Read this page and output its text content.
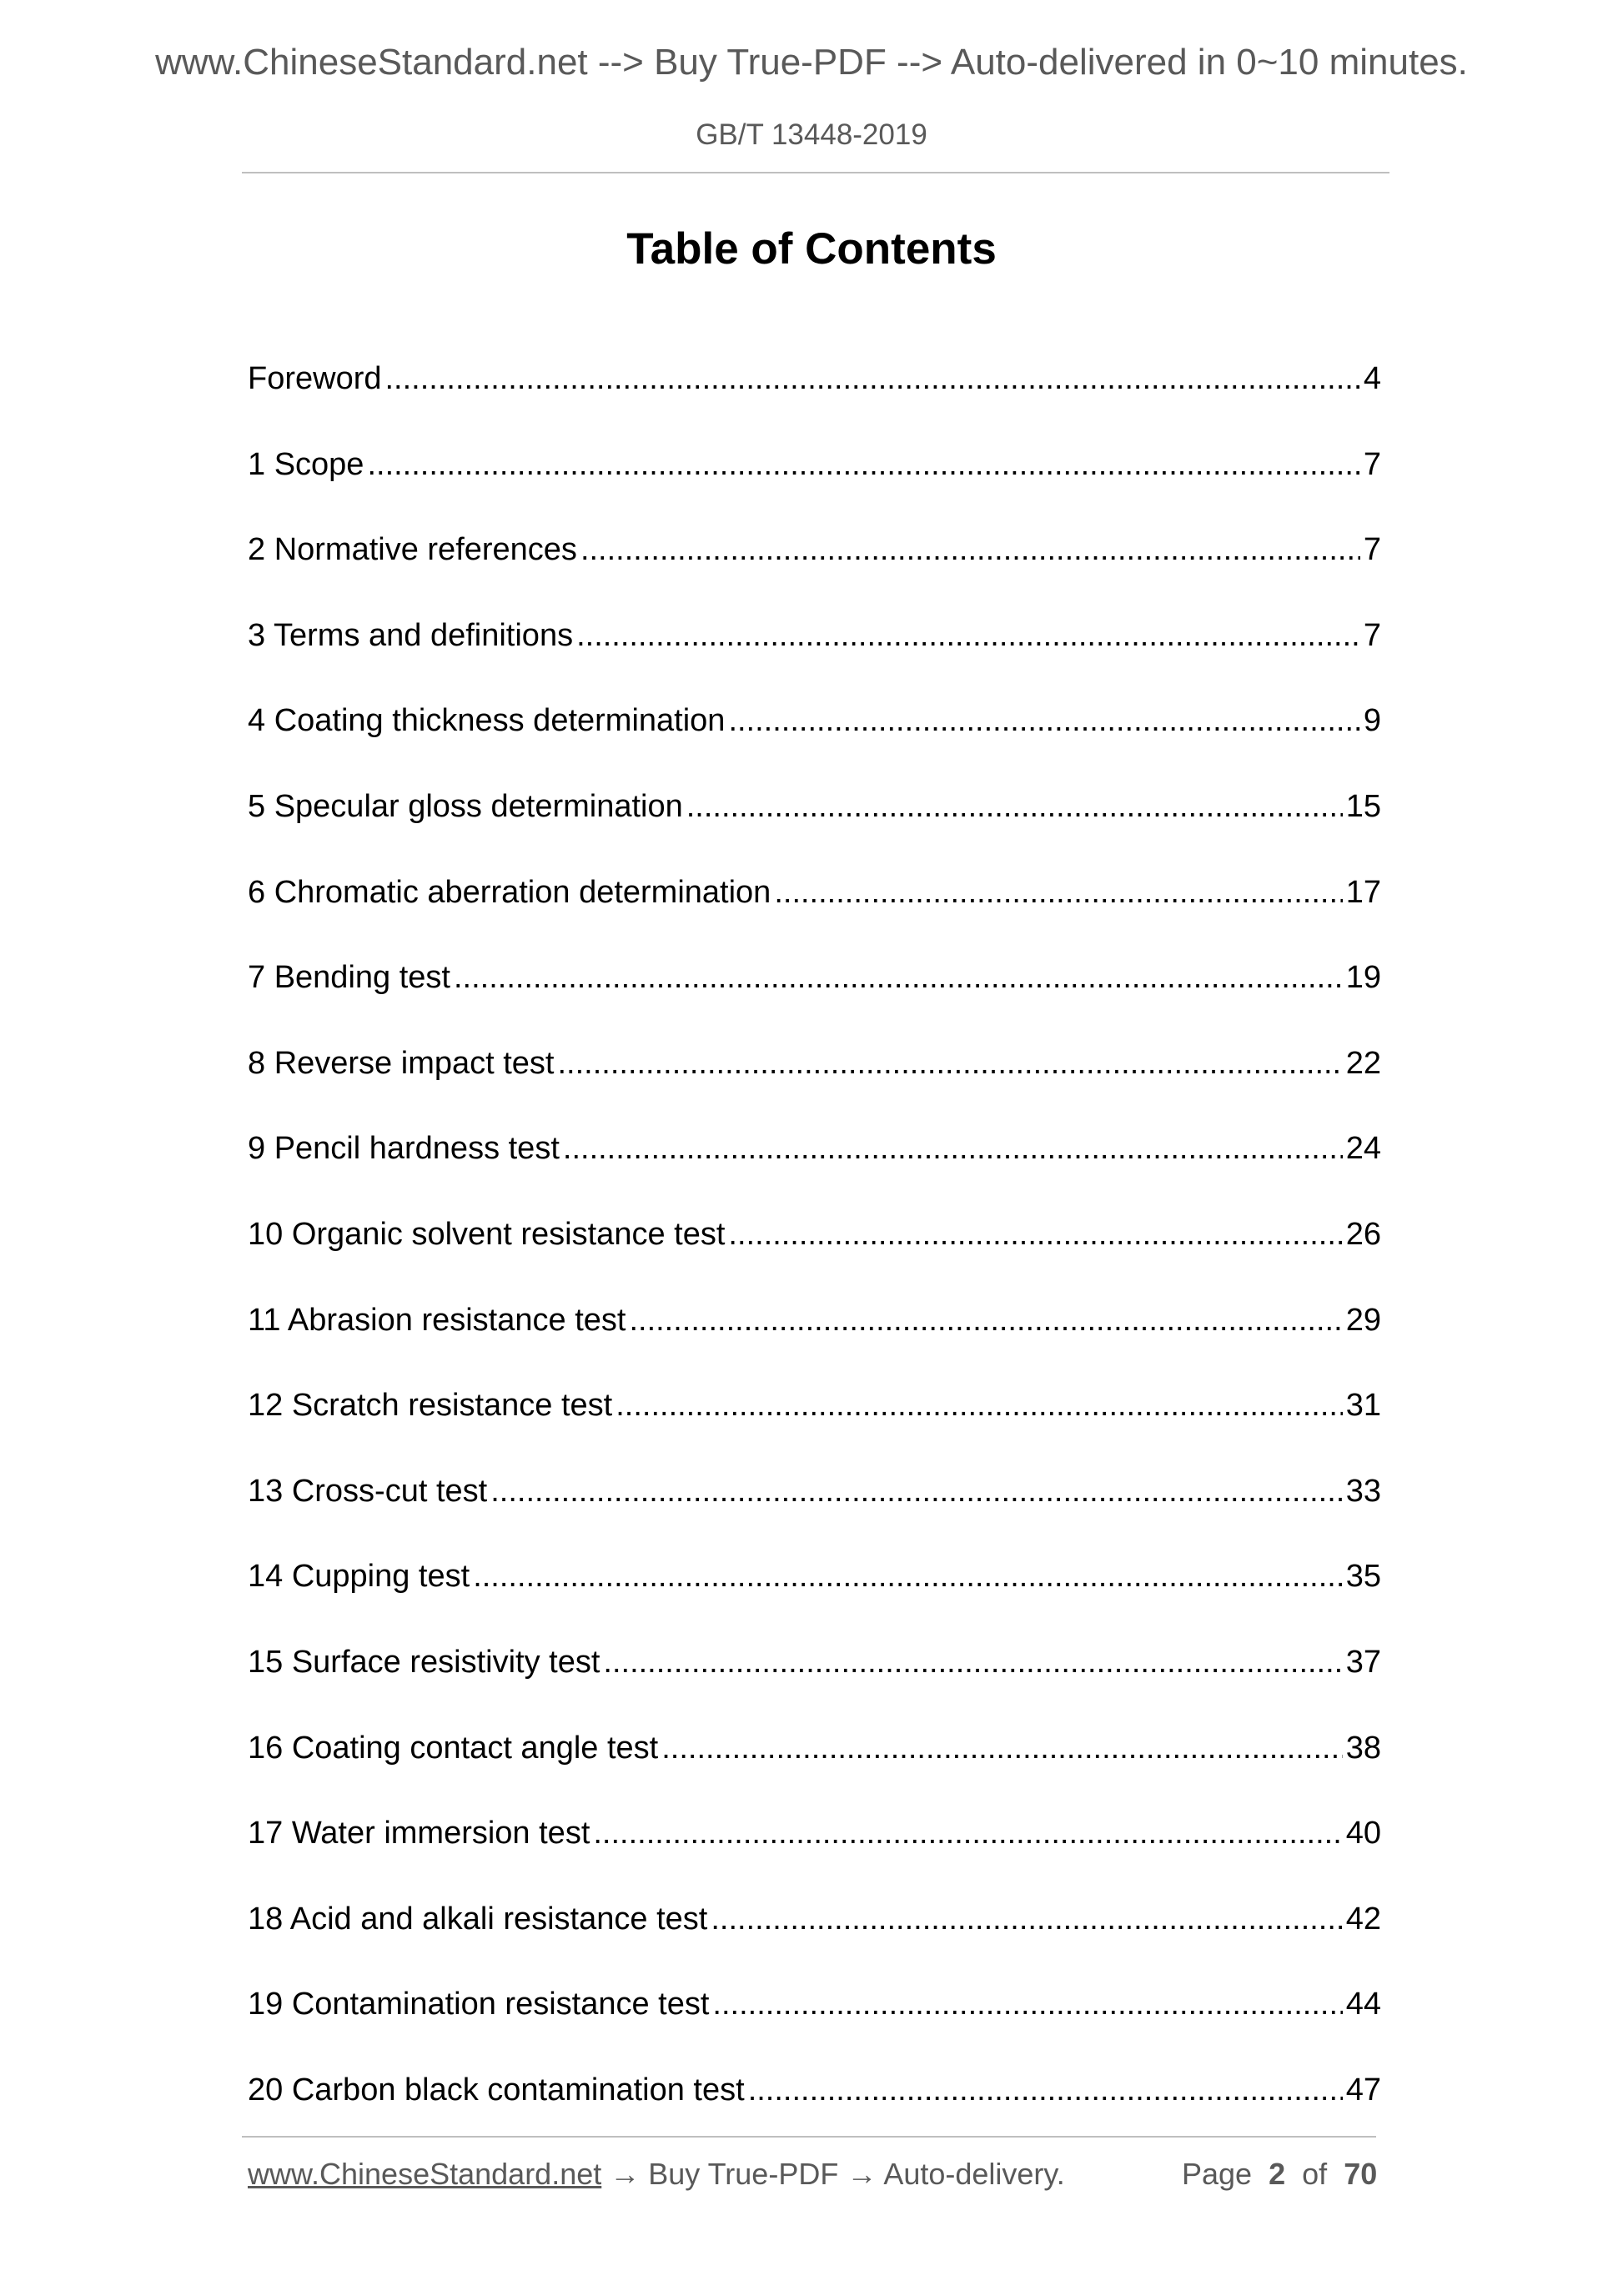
www.ChineseStandard.net --> Buy True-PDF --> Auto-delivered in 0~10 minutes.
GB/T 13448-2019
Table of Contents
Foreword .....	4
1 Scope .....	7
2 Normative references .....	7
3 Terms and definitions .....	7
4 Coating thickness determination .....	9
5 Specular gloss determination .....	15
6 Chromatic aberration determination .....	17
7 Bending test .....	19
8 Reverse impact test .....	22
9 Pencil hardness test .....	24
10 Organic solvent resistance test .....	26
11 Abrasion resistance test .....	29
12 Scratch resistance test .....	31
13 Cross-cut test .....	33
14 Cupping test .....	35
15 Surface resistivity test .....	37
16 Coating contact angle test .....	38
17 Water immersion test .....	40
18 Acid and alkali resistance test .....	42
19 Contamination resistance test .....	44
20 Carbon black contamination test .....	47
www.ChineseStandard.net → Buy True-PDF → Auto-delivery.	Page 2 of 70
